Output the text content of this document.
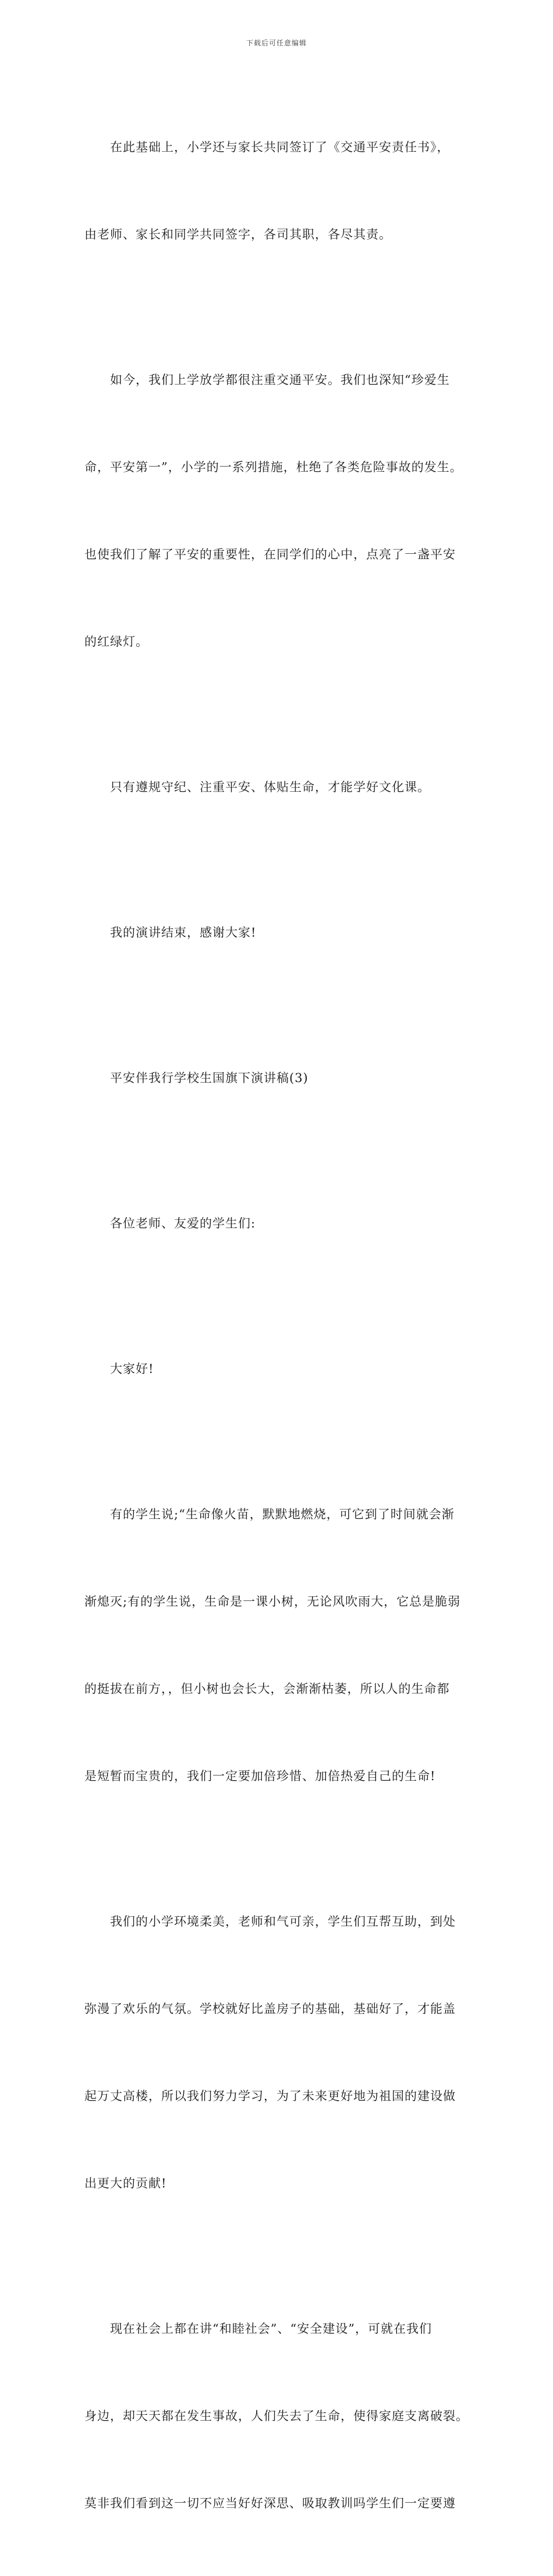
下载后可任意编辑

在此基础上，小学还与家长共同签订了《交通平安责任书》，

由老师、家长和同学共同签字，各司其职，各尽其责。

如今，我们上学放学都很注重交通平安。我们也深知“珍爱生

命，平安第一”，小学的一系列措施，杜绝了各类危险事故的发生。

也使我们了解了平安的重要性，在同学们的心中，点亮了一盏平安

的红绿灯。

只有遵规守纪、注重平安、体贴生命，才能学好文化课。

我的演讲结束，感谢大家!

平安伴我行学校生国旗下演讲稿(3)

各位老师、友爱的学生们:

大家好!

有的学生说;“生命像火苗，默默地燃烧，可它到了时间就会渐

渐熄灭;有的学生说，生命是一课小树，无论风吹雨大，它总是脆弱

的挺拔在前方，，但小树也会长大，会渐渐枯萎，所以人的生命都

是短暂而宝贵的，我们一定要加倍珍惜、加倍热爱自己的生命!

我们的小学环境柔美，老师和气可亲，学生们互帮互助，到处

弥漫了欢乐的气氛。学校就好比盖房子的基础，基础好了，才能盖

起万丈高楼，所以我们努力学习，为了未来更好地为祖国的建设做

出更大的贡献!

现在社会上都在讲“和睦社会”、“安全建设”，可就在我们

身边，却天天都在发生事故，人们失去了生命，使得家庭支离破裂。

莫非我们看到这一切不应当好好深思、吸取教训吗学生们一定要遵
